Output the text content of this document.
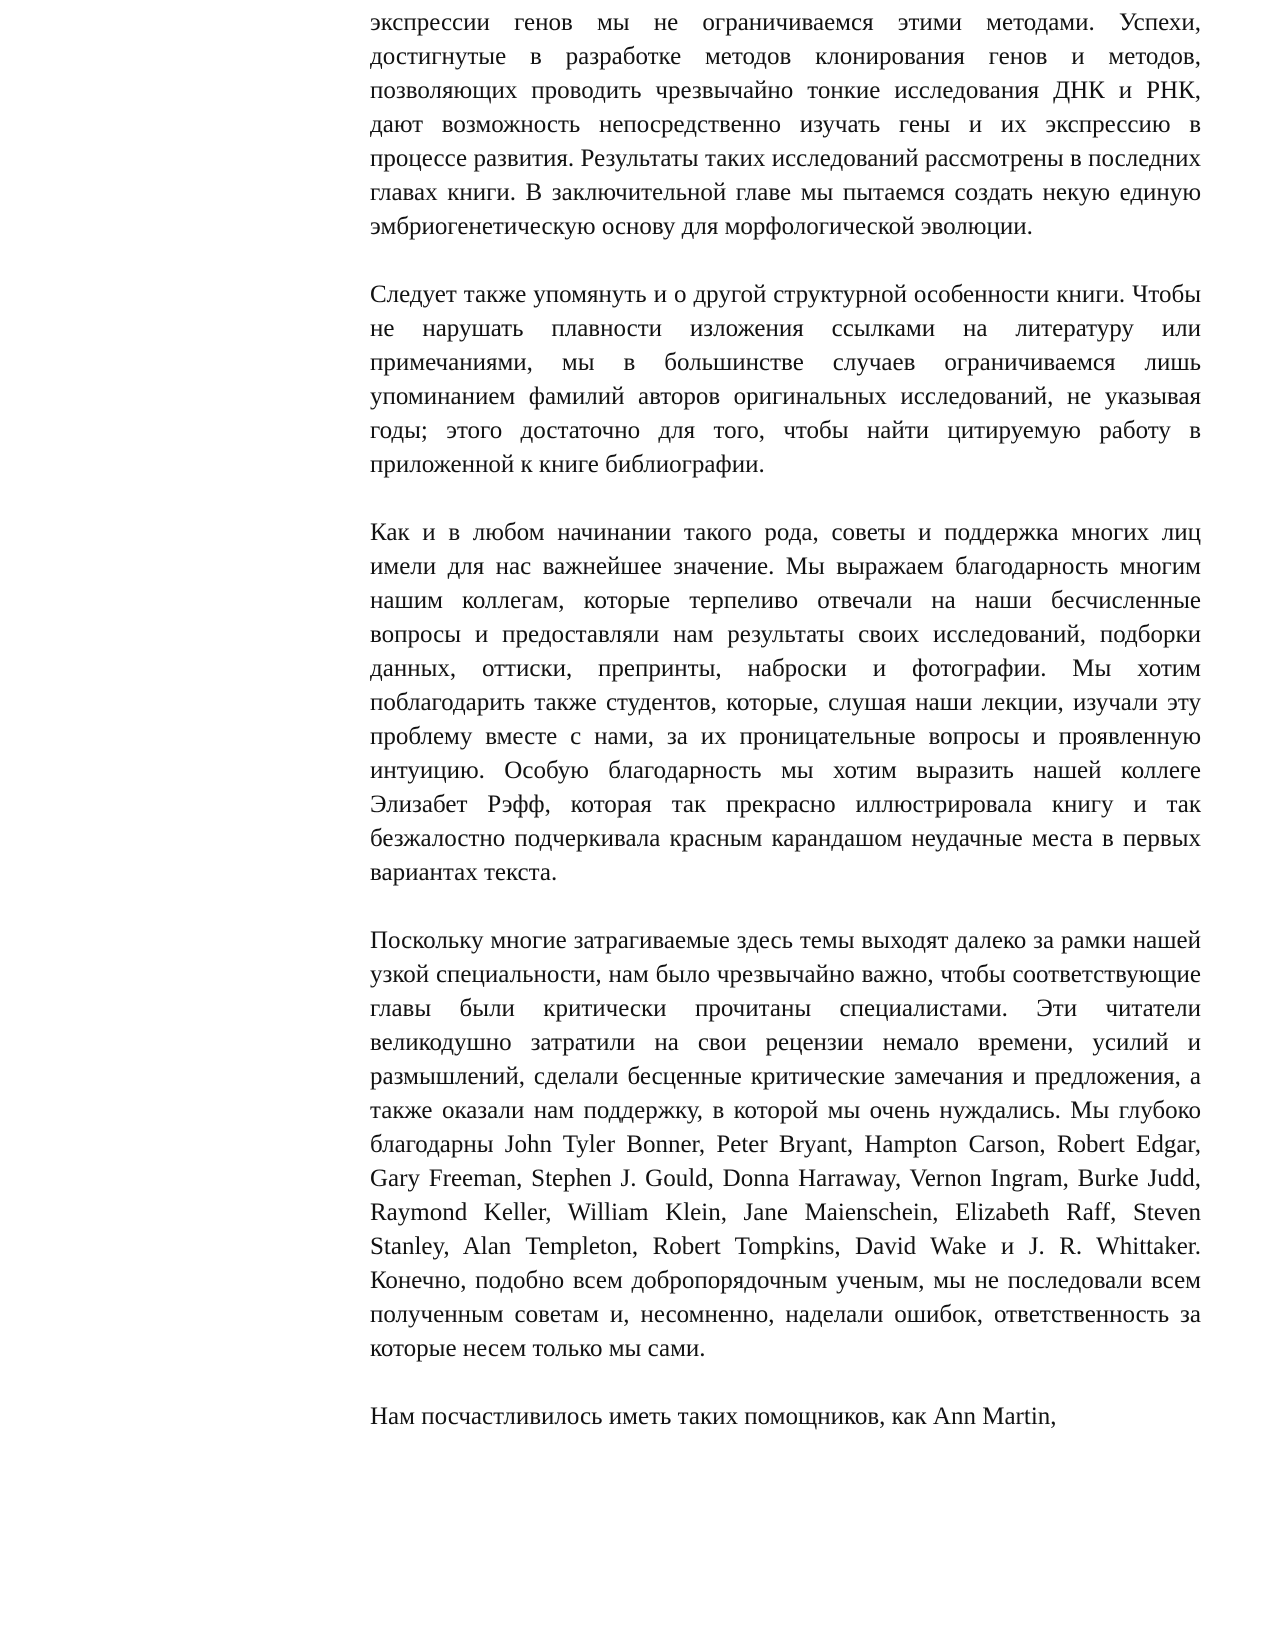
экспрессии генов мы не ограничиваемся этими методами. Успехи, достигнутые в разработке методов клонирования генов и методов, позволяющих проводить чрезвычайно тонкие исследования ДНК и РНК, дают возможность непосредственно изучать гены и их экспрессию в процессе развития. Результаты таких исследований рассмотрены в последних главах книги. В заключительной главе мы пытаемся создать некую единую эмбриогенетическую основу для морфологической эволюции.

Следует также упомянуть и о другой структурной особенности книги. Чтобы не нарушать плавности изложения ссылками на литературу или примечаниями, мы в большинстве случаев ограничиваемся лишь упоминанием фамилий авторов оригинальных исследований, не указывая годы; этого достаточно для того, чтобы найти цитируемую работу в приложенной к книге библиографии.

Как и в любом начинании такого рода, советы и поддержка многих лиц имели для нас важнейшее значение. Мы выражаем благодарность многим нашим коллегам, которые терпеливо отвечали на наши бесчисленные вопросы и предоставляли нам результаты своих исследований, подборки данных, оттиски, препринты, наброски и фотографии. Мы хотим поблагодарить также студентов, которые, слушая наши лекции, изучали эту проблему вместе с нами, за их проницательные вопросы и проявленную интуицию. Особую благодарность мы хотим выразить нашей коллеге Элизабет Рэфф, которая так прекрасно иллюстрировала книгу и так безжалостно подчеркивала красным карандашом неудачные места в первых вариантах текста.

Поскольку многие затрагиваемые здесь темы выходят далеко за рамки нашей узкой специальности, нам было чрезвычайно важно, чтобы соответствующие главы были критически прочитаны специалистами. Эти читатели великодушно затратили на свои рецензии немало времени, усилий и размышлений, сделали бесценные критические замечания и предложения, а также оказали нам поддержку, в которой мы очень нуждались. Мы глубоко благодарны John Tyler Bonner, Peter Bryant, Hampton Carson, Robert Edgar, Gary Freeman, Stephen J. Gould, Donna Harraway, Vernon Ingram, Burke Judd, Raymond Keller, William Klein, Jane Maienschein, Elizabeth Raff, Steven Stanley, Alan Templeton, Robert Tompkins, David Wake и J. R. Whittaker. Конечно, подобно всем добропорядочным ученым, мы не последовали всем полученным советам и, несомненно, наделали ошибок, ответственность за которые несем только мы сами.

Нам посчастливилось иметь таких помощников, как Ann Martin,
